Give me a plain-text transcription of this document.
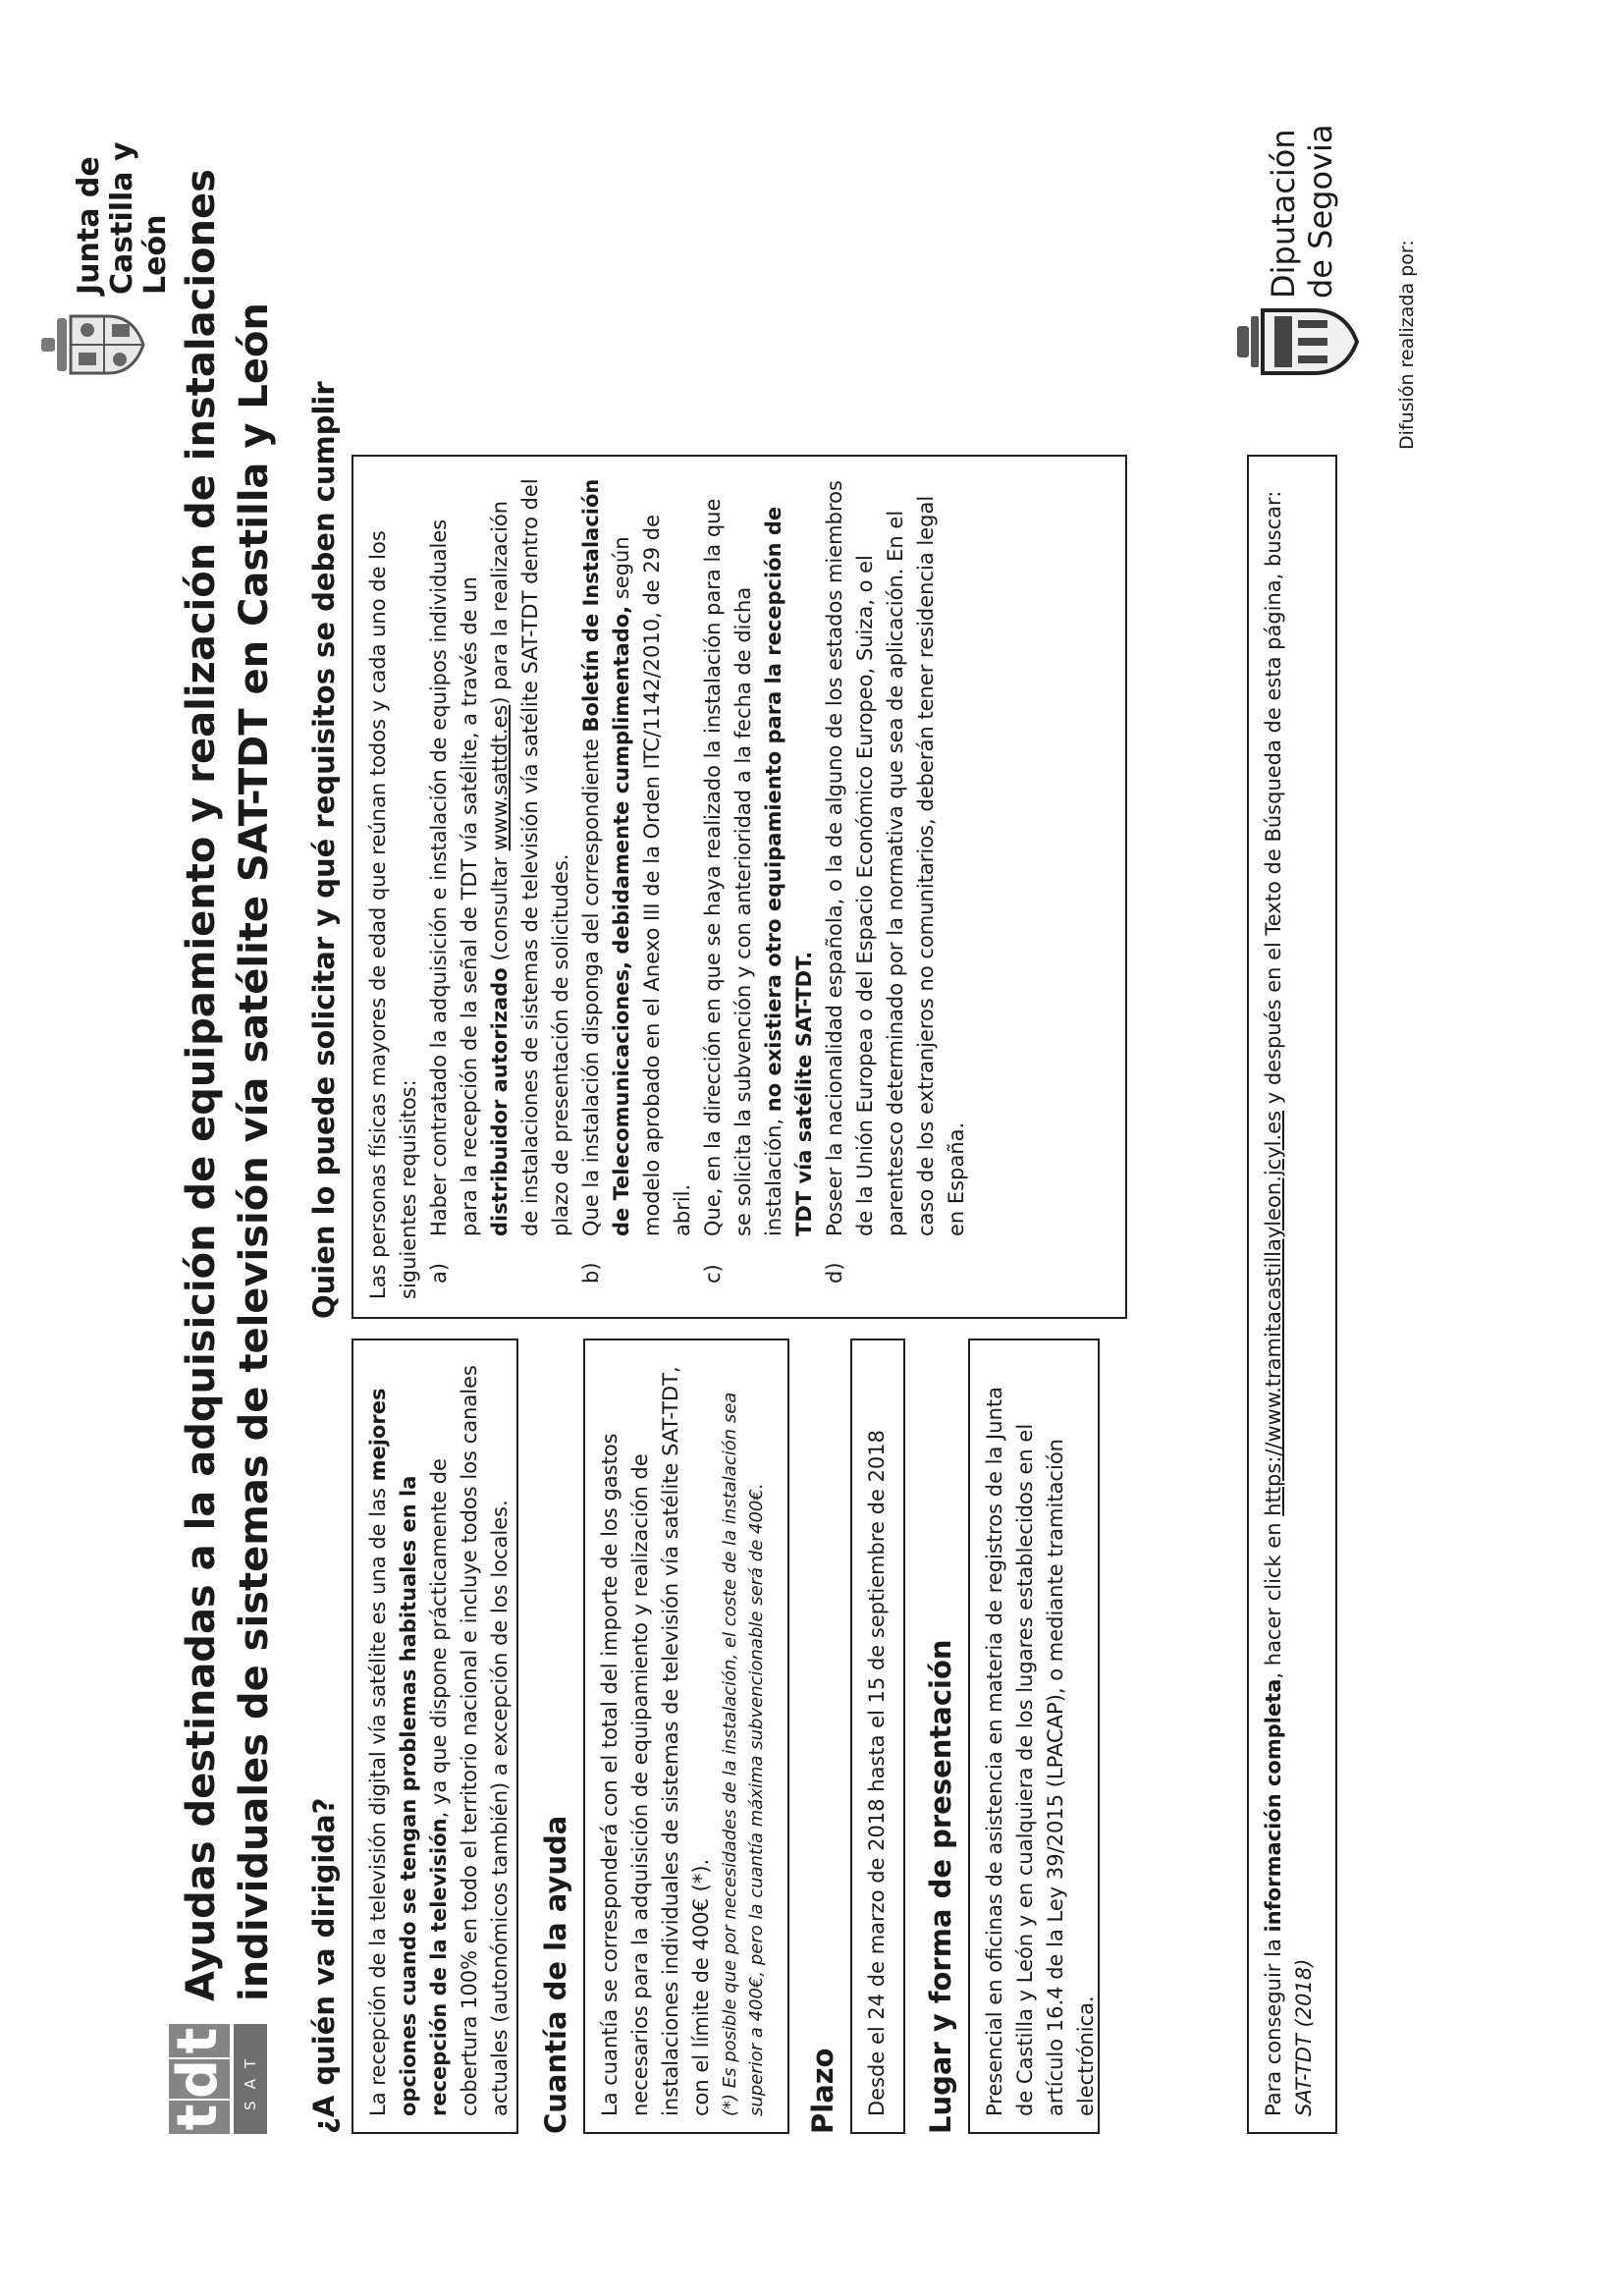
t
d
t
SAT
Ayudas destinadas a la adquisición de equipamiento y realización de instalaciones individuales de sistemas de televisión vía satélite SAT-TDT en Castilla y León ¿A quién va dirigida?	La recepción de la televisión digital vía satélite es una de las mejores opciones cuando se tengan problemas habituales en la recepción de la televisión, ya que dispone prácticamente de cobertura 100% en todo el territorio nacional e incluye todos los canales actuales (autonómicos también) a excepción de los locales. Cuantía de la ayuda La cuantía se corresponderá con el total del importe de los gastos necesarios para la adquisición de equipamiento y realización de instalaciones individuales de sistemas de televisión vía satélite SAT-TDT, con el límite de 400€ (*). (*) Es posible que por necesidades de la instalación, el coste de la instalación sea superior a 400€, pero la cuantía máxima subvencionable será de 400€. Plazo	Desde el 24 de marzo de 2018 hasta el 15 de septiembre de 2018	Lugar y forma de presentación	Presencial en oficinas de asistencia en materia de registros de la Junta de Castilla y León y en cualquiera de los lugares establecidos en el artículo 16.4 de la Ley 39/2015 (LPACAP), o mediante tramitación electrónica.
Quien lo puede solicitar y qué requisitos se deben cumplir Las personas físicas mayores de edad que reúnan todos y cada uno de los siguientes requisitos: a)
Haber contratado la adquisición e instalación de equipos individuales para la recepción de la señal de TDT vía satélite, a través de un distribuidor autorizado (consultar www.sattdt.es) para la realización de instalaciones de sistemas de televisión vía satélite SAT-TDT dentro del plazo de presentación de solicitudes.
b)
Que la instalación disponga del correspondiente Boletín de Instalación de Telecomunicaciones, debidamente cumplimentado, según modelo aprobado en el Anexo III de la Orden ITC/1142/2010, de 29 de abril.
c)
Que, en la dirección en que se haya realizado la instalación para la que se solicita la subvención y con anterioridad a la fecha de dicha instalación, no existiera otro equipamiento para la recepción de TDT vía satélite SAT-TDT.
d)
Poseer la nacionalidad española, o la de alguno de los estados miembros de la Unión Europea o del Espacio Económico Europeo, Suiza, o el parentesco determinado por la normativa que sea de aplicación. En el caso de los extranjeros no comunitarios, deberán tener residencia legal en España.
Para conseguir la información completa, hacer click en https://www.tramitacastillayleon.jcyl.es y después en el Texto de Búsqueda de esta página, buscar: SAT-TDT (2018)
Junta de Castilla y León	Difusión realizada por:
Diputación de Segovia
